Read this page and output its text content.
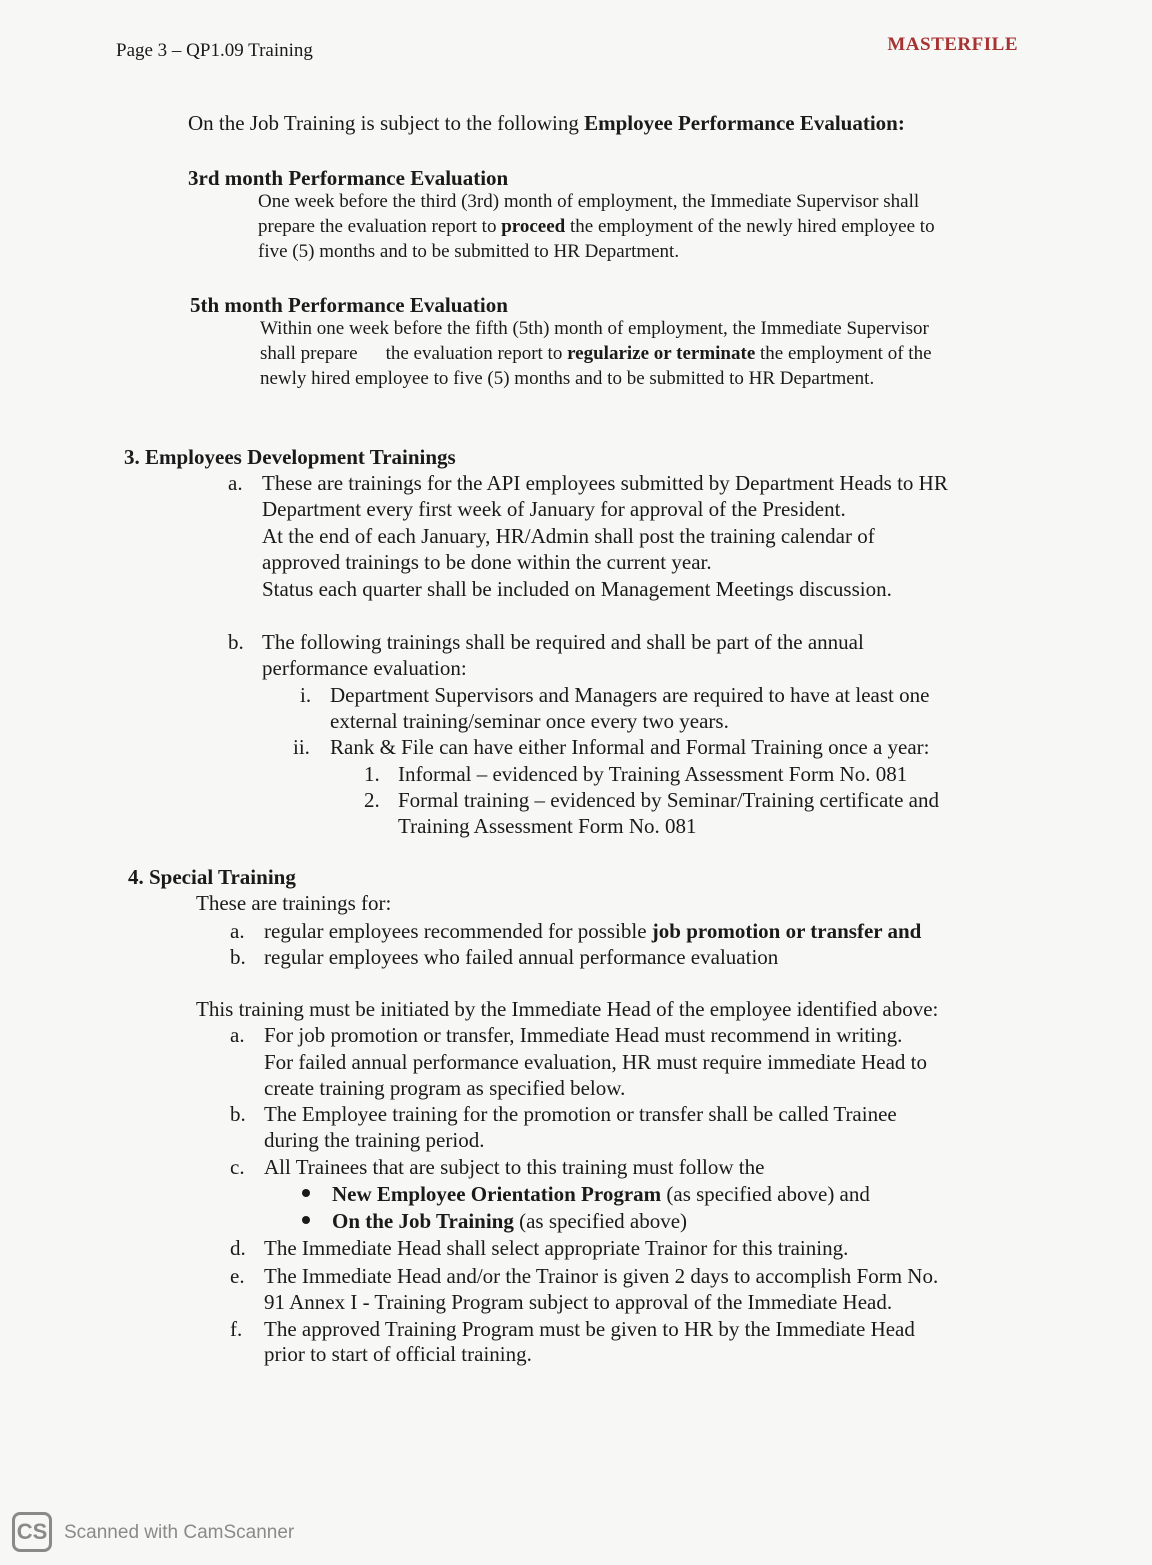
Page 3 – QP1.09 Training	MASTERFILE
On the Job Training is subject to the following Employee Performance Evaluation:
3rd month Performance Evaluation
One week before the third (3rd) month of employment, the Immediate Supervisor shall
prepare the evaluation report to proceed the employment of the newly hired employee to
five (5) months and to be submitted to HR Department.
5th month Performance Evaluation
Within one week before the fifth (5th) month of employment, the Immediate Supervisor
shall prepare the evaluation report to regularize or terminate the employment of the
newly hired employee to five (5) months and to be submitted to HR Department.
3. Employees Development Trainings
a. These are trainings for the API employees submitted by Department Heads to HR
Department every first week of January for approval of the President.
At the end of each January, HR/Admin shall post the training calendar of
approved trainings to be done within the current year.
Status each quarter shall be included on Management Meetings discussion.
b. The following trainings shall be required and shall be part of the annual
performance evaluation:
i. Department Supervisors and Managers are required to have at least one
external training/seminar once every two years.
ii. Rank & File can have either Informal and Formal Training once a year:
1. Informal – evidenced by Training Assessment Form No. 081
2. Formal training – evidenced by Seminar/Training certificate and
Training Assessment Form No. 081
4. Special Training
These are trainings for:
a. regular employees recommended for possible job promotion or transfer and
b. regular employees who failed annual performance evaluation
This training must be initiated by the Immediate Head of the employee identified above:
a. For job promotion or transfer, Immediate Head must recommend in writing.
For failed annual performance evaluation, HR must require immediate Head to
create training program as specified below.
b. The Employee training for the promotion or transfer shall be called Trainee
during the training period.
c. All Trainees that are subject to this training must follow the
New Employee Orientation Program (as specified above) and
On the Job Training (as specified above)
d. The Immediate Head shall select appropriate Trainor for this training.
e. The Immediate Head and/or the Trainor is given 2 days to accomplish Form No.
91 Annex I - Training Program subject to approval of the Immediate Head.
f. The approved Training Program must be given to HR by the Immediate Head
prior to start of official training.
CS Scanned with CamScanner
